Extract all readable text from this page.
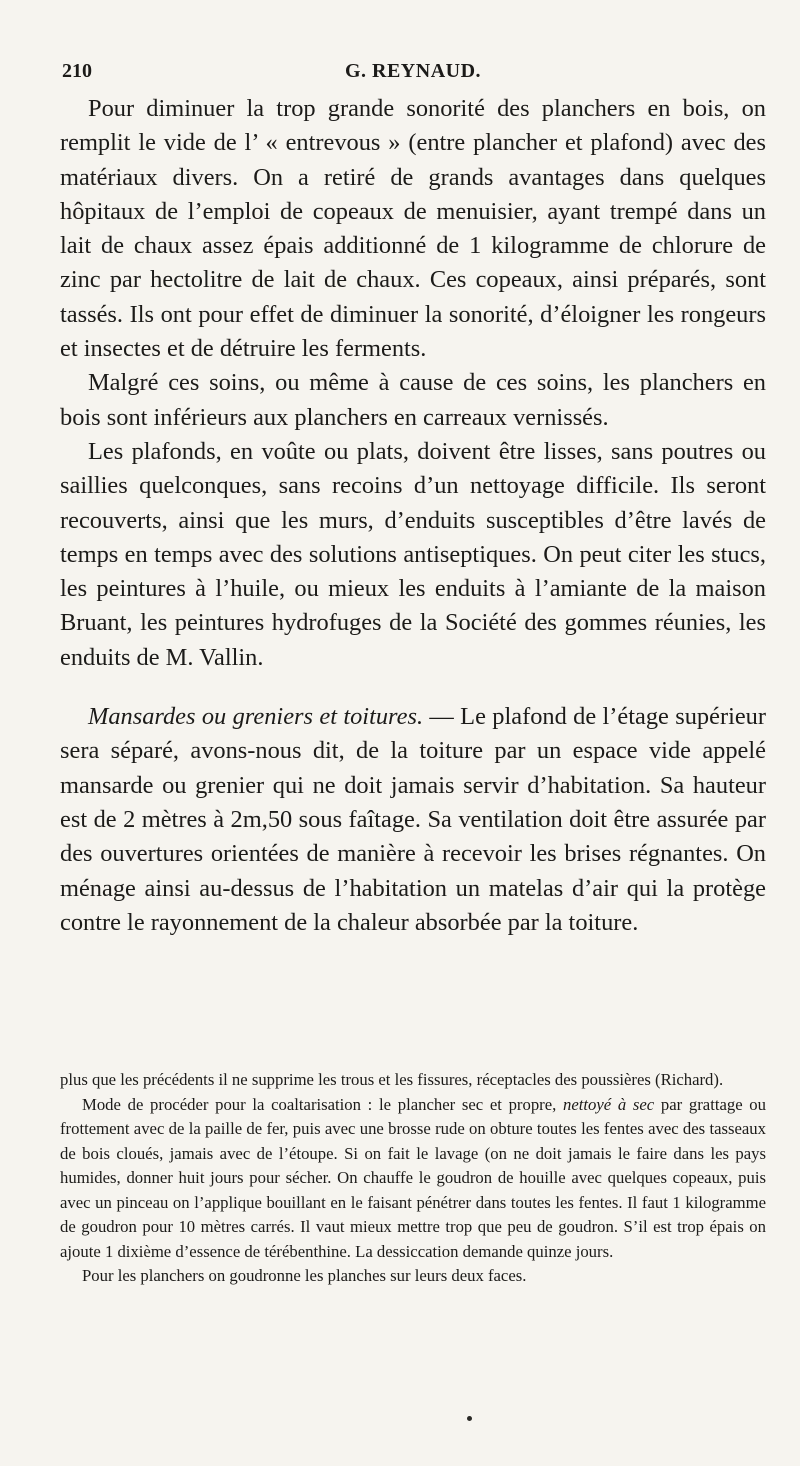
210	G. REYNAUD.

Pour diminuer la trop grande sonorité des planchers en bois, on remplit le vide de l’ « entrevous » (entre plancher et plafond) avec des matériaux divers. On a retiré de grands avantages dans quelques hôpitaux de l’emploi de copeaux de menuisier, ayant trempé dans un lait de chaux assez épais additionné de 1 kilogramme de chlorure de zinc par hectolitre de lait de chaux. Ces copeaux, ainsi préparés, sont tassés. Ils ont pour effet de diminuer la sonorité, d’éloigner les rongeurs et insectes et de détruire les ferments.

Malgré ces soins, ou même à cause de ces soins, les planchers en bois sont inférieurs aux planchers en carreaux vernissés.

Les plafonds, en voûte ou plats, doivent être lisses, sans poutres ou saillies quelconques, sans recoins d’un nettoyage difficile. Ils seront recouverts, ainsi que les murs, d’enduits susceptibles d’être lavés de temps en temps avec des solutions antiseptiques. On peut citer les stucs, les peintures à l’huile, ou mieux les enduits à l’amiante de la maison Bruant, les peintures hydrofuges de la Société des gommes réunies, les enduits de M. Vallin.

Mansardes ou greniers et toitures. — Le plafond de l’étage supérieur sera séparé, avons-nous dit, de la toiture par un espace vide appelé mansarde ou grenier qui ne doit jamais servir d’habitation. Sa hauteur est de 2 mètres à 2m,50 sous faîtage. Sa ventilation doit être assurée par des ouvertures orientées de manière à recevoir les brises régnantes. On ménage ainsi au-dessus de l’habitation un matelas d’air qui la protège contre le rayonnement de la chaleur absorbée par la toiture.

plus que les précédents il ne supprime les trous et les fissures, réceptacles des poussières (Richard).

Mode de procéder pour la coaltarisation : le plancher sec et propre, nettoyé à sec par grattage ou frottement avec de la paille de fer, puis avec une brosse rude on obture toutes les fentes avec des tasseaux de bois cloués, jamais avec de l’étoupe. Si on fait le lavage (on ne doit jamais le faire dans les pays humides, donner huit jours pour sécher. On chauffe le goudron de houille avec quelques copeaux, puis avec un pinceau on l’applique bouillant en le faisant pénétrer dans toutes les fentes. Il faut 1 kilogramme de goudron pour 10 mètres carrés. Il vaut mieux mettre trop que peu de goudron. S’il est trop épais on ajoute 1 dixième d’essence de térébenthine. La dessiccation demande quinze jours.

Pour les planchers on goudronne les planches sur leurs deux faces.
